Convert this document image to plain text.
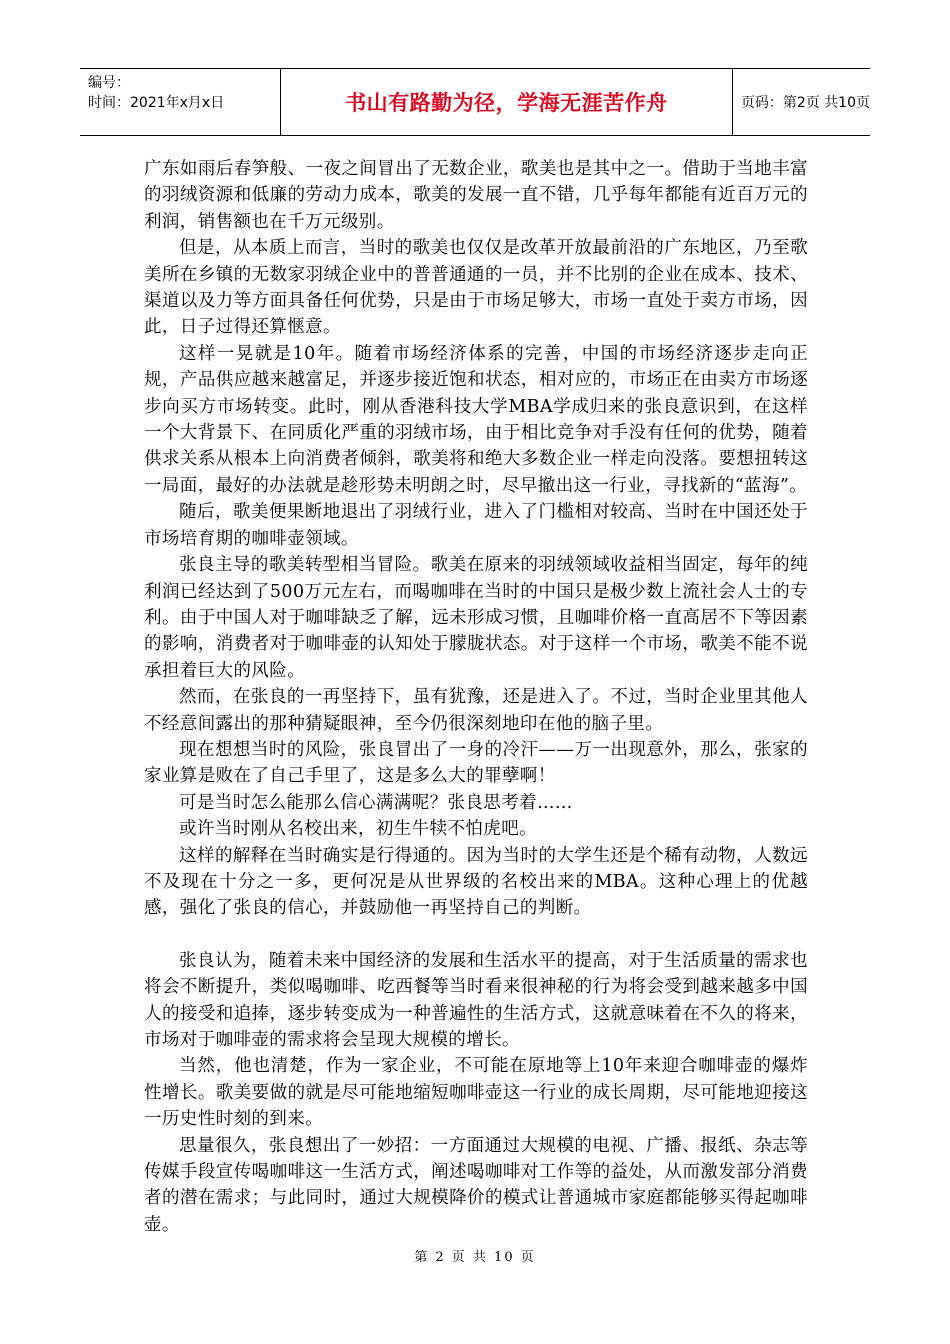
编号：
时间：2021年x月x日	书山有路勤为径，学海无涯苦作舟	页码：第2页 共10页

广东如雨后春笋般、一夜之间冒出了无数企业，歌美也是其中之一。借助于当地丰富的羽绒资源和低廉的劳动力成本，歌美的发展一直不错，几乎每年都能有近百万元的利润，销售额也在千万元级别。

但是，从本质上而言，当时的歌美也仅仅是改革开放最前沿的广东地区，乃至歌美所在乡镇的无数家羽绒企业中的普普通通的一员，并不比别的企业在成本、技术、渠道以及力等方面具备任何优势，只是由于市场足够大，市场一直处于卖方市场，因此，日子过得还算惬意。

这样一晃就是10年。随着市场经济体系的完善，中国的市场经济逐步走向正规，产品供应越来越富足，并逐步接近饱和状态，相对应的，市场正在由卖方市场逐步向买方市场转变。此时，刚从香港科技大学MBA学成归来的张良意识到，在这样一个大背景下、在同质化严重的羽绒市场，由于相比竞争对手没有任何的优势，随着供求关系从根本上向消费者倾斜，歌美将和绝大多数企业一样走向没落。要想扭转这一局面，最好的办法就是趁形势未明朗之时，尽早撤出这一行业，寻找新的“蓝海”。

随后，歌美便果断地退出了羽绒行业，进入了门槛相对较高、当时在中国还处于市场培育期的咖啡壶领域。

张良主导的歌美转型相当冒险。歌美在原来的羽绒领域收益相当固定，每年的纯利润已经达到了500万元左右，而喝咖啡在当时的中国只是极少数上流社会人士的专利。由于中国人对于咖啡缺乏了解，远未形成习惯，且咖啡价格一直高居不下等因素的影响，消费者对于咖啡壶的认知处于朦胧状态。对于这样一个市场，歌美不能不说承担着巨大的风险。

然而，在张良的一再坚持下，虽有犹豫，还是进入了。不过，当时企业里其他人不经意间露出的那种猜疑眼神，至今仍很深刻地印在他的脑子里。

现在想想当时的风险，张良冒出了一身的冷汗——万一出现意外，那么，张家的家业算是败在了自己手里了，这是多么大的罪孽啊！

可是当时怎么能那么信心满满呢？张良思考着……

或许当时刚从名校出来，初生牛犊不怕虎吧。

这样的解释在当时确实是行得通的。因为当时的大学生还是个稀有动物，人数远不及现在十分之一多，更何况是从世界级的名校出来的MBA。这种心理上的优越感，强化了张良的信心，并鼓励他一再坚持自己的判断。

张良认为，随着未来中国经济的发展和生活水平的提高，对于生活质量的需求也将会不断提升，类似喝咖啡、吃西餐等当时看来很神秘的行为将会受到越来越多中国人的接受和追捧，逐步转变成为一种普遍性的生活方式，这就意味着在不久的将来，市场对于咖啡壶的需求将会呈现大规模的增长。

当然，他也清楚，作为一家企业，不可能在原地等上10年来迎合咖啡壶的爆炸性增长。歌美要做的就是尽可能地缩短咖啡壶这一行业的成长周期，尽可能地迎接这一历史性时刻的到来。

思量很久，张良想出了一妙招：一方面通过大规模的电视、广播、报纸、杂志等传媒手段宣传喝咖啡这一生活方式，阐述喝咖啡对工作等的益处，从而激发部分消费者的潜在需求；与此同时，通过大规模降价的模式让普通城市家庭都能够买得起咖啡壶。

第 2 页 共 10 页
